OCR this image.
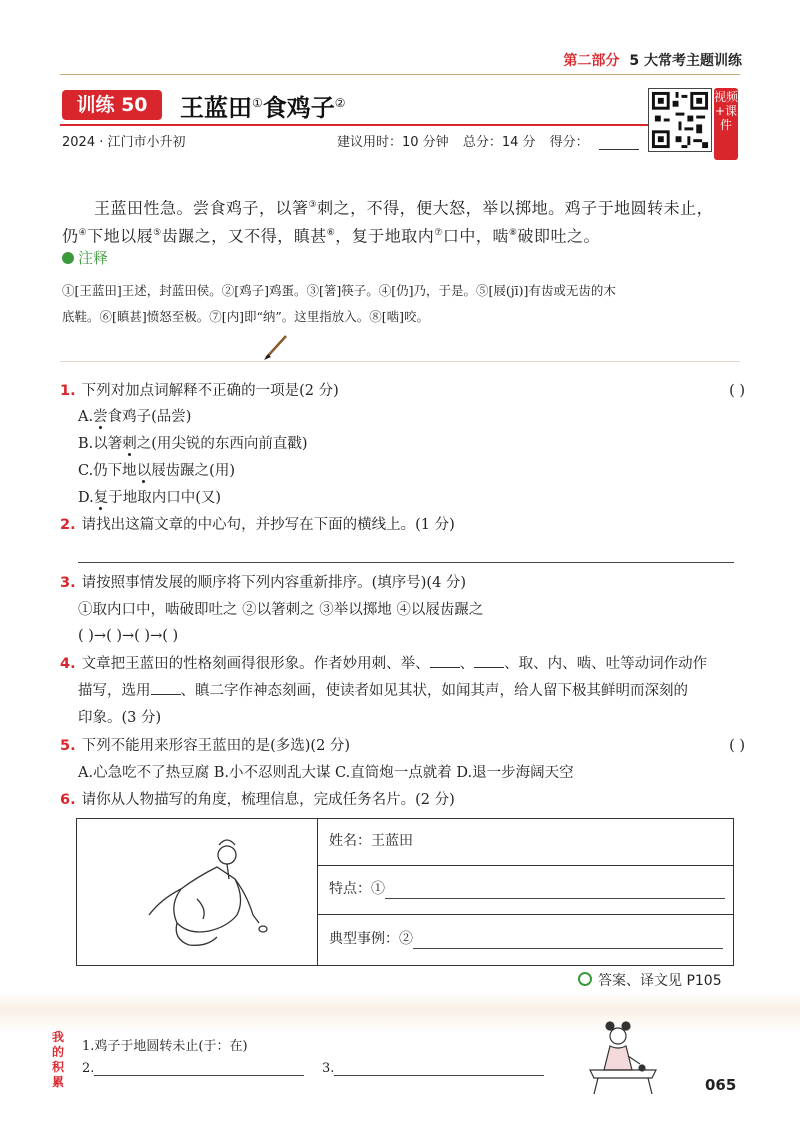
第二部分 5 大常考主题训练
训练 50	王蓝田①食鸡子②
2024 · 江门市小升初	建议用时：10 分钟 总分：14 分 得分：
视频+课件
王蓝田性急。尝食鸡子，以箸③刺之，不得，便大怒，举以掷地。鸡子于地圆转未止，
仍④下地以屐⑤齿蹍之，又不得，瞋甚⑥，复于地取内⑦口中，啮⑧破即吐之。
注释
①[王蓝田]王述，封蓝田侯。②[鸡子]鸡蛋。③[箸]筷子。④[仍]乃，于是。⑤[屐(jī)]有齿或无齿的木
底鞋。⑥[瞋甚]愤怒至极。⑦[内]即“纳”。这里指放入。⑧[啮]咬。
1. 下列对加点词解释不正确的一项是(2 分)	( )
A.尝食鸡子(品尝)
B.以箸刺之(用尖锐的东西向前直戳)
C.仍下地以屐齿蹍之(用)
D.复于地取内口中(又)
2. 请找出这篇文章的中心句，并抄写在下面的横线上。(1 分)
3. 请按照事情发展的顺序将下列内容重新排序。(填序号)(4 分)
①取内口中，啮破即吐之 ②以箸刺之 ③举以掷地 ④以屐齿蹍之
( )→( )→( )→( )
4. 文章把王蓝田的性格刻画得很形象。作者妙用刺、举、 、 、取、内、啮、吐等动词作动作
描写，选用 、瞋二字作神态刻画，使读者如见其状，如闻其声，给人留下极其鲜明而深刻的
印象。(3 分)
5. 下列不能用来形容王蓝田的是(多选)(2 分)	( )
A.心急吃不了热豆腐 B.小不忍则乱大谋 C.直筒炮一点就着 D.退一步海阔天空
6. 请你从人物描写的角度，梳理信息，完成任务名片。(2 分)
姓名：王蓝田
特点：①
典型事例：②
答案、译文见 P105
我的积累
1.鸡子于地圆转未止(于：在)
2.	3.
065
